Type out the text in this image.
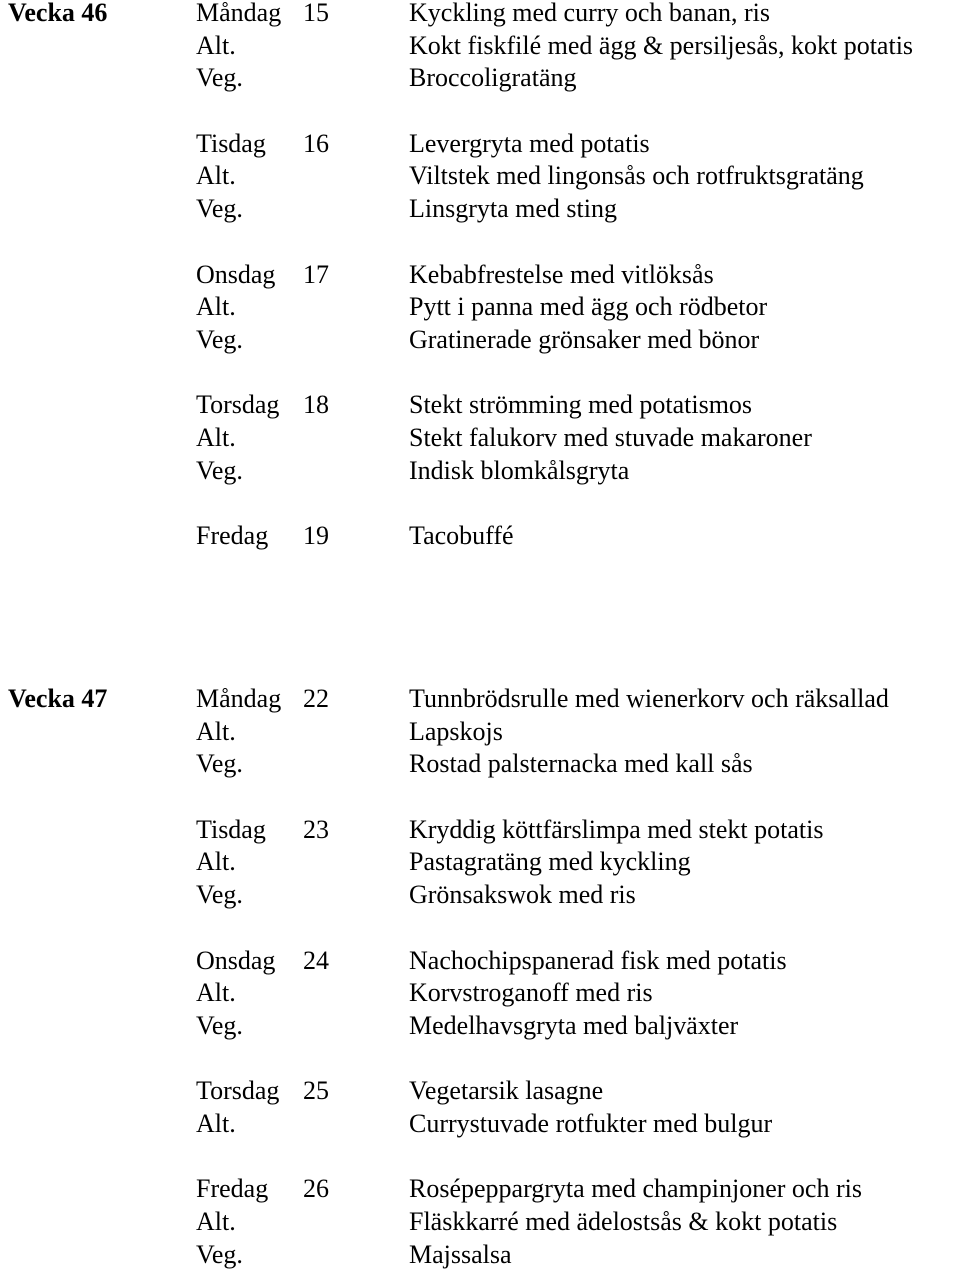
Vecka 46	Måndag 15	Kyckling med curry och banan, ris
Alt.	Kokt fiskfilé med ägg & persiljesås, kokt potatis
Veg.	Broccoligratäng
Tisdag 16	Levergryta med potatis
Alt.	Viltstek med lingonsås och rotfruktsgratäng
Veg.	Linsgryta med sting
Onsdag 17	Kebabfrestelse med vitlöksås
Alt.	Pytt i panna med ägg och rödbetor
Veg.	Gratinerade grönsaker med bönor
Torsdag 18	Stekt strömming med potatismos
Alt.	Stekt falukorv med stuvade makaroner
Veg.	Indisk blomkålsgryta
Fredag 19	Tacobuffé
Vecka 47	Måndag 22	Tunnbrödsrulle med wienerkorv och räksallad
Alt.	Lapskojs
Veg.	Rostad palsternacka med kall sås
Tisdag 23	Kryddig köttfärslimpa med stekt potatis
Alt.	Pastagratäng med kyckling
Veg.	Grönsakswok med ris
Onsdag 24	Nachochipspanerad fisk med potatis
Alt.	Korvstroganoff med ris
Veg.	Medelhavsgryta med baljväxter
Torsdag 25	Vegetarsik lasagne
Alt.	Currystuvade rotfukter med bulgur
Fredag 26	Rosépeppargryta med champinjoner och ris
Alt.	Fläskkarré med ädelostsås & kokt potatis
Veg.	Majssalsa
